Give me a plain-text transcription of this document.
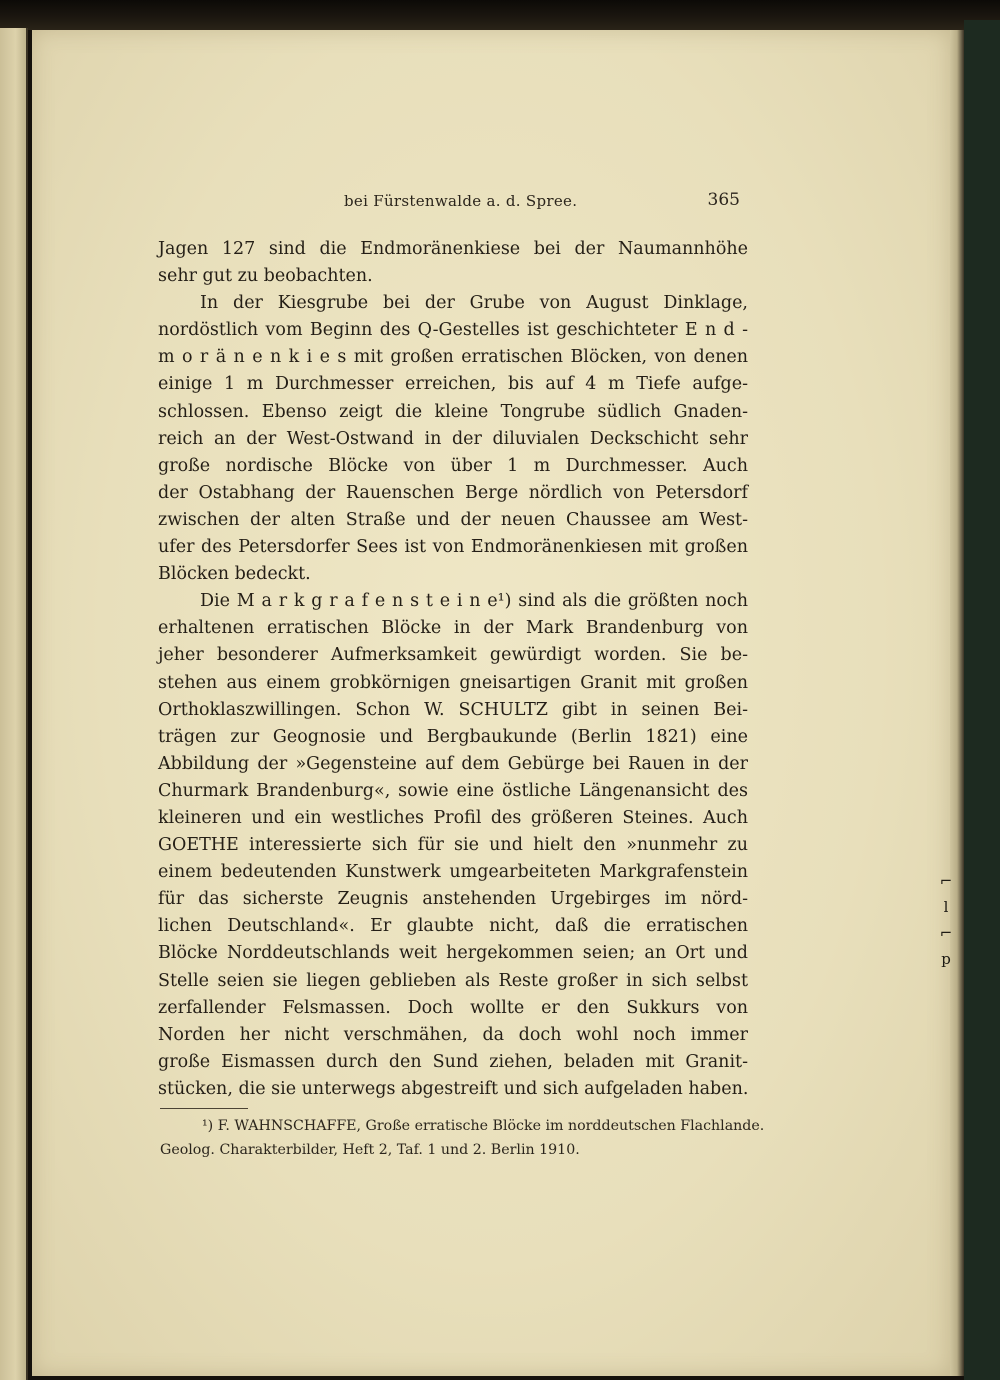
bei Fürstenwalde a. d. Spree.	365
Jagen 127 sind die Endmoränenkiese bei der Naumannhöhe
sehr gut zu beobachten.
In der Kiesgrube bei der Grube von August Dinklage,
nordöstlich vom Beginn des Q-Gestelles ist geschichteter E n d -
m o r ä n e n k i e s mit großen erratischen Blöcken, von denen
einige 1 m Durchmesser erreichen, bis auf 4 m Tiefe aufge-
schlossen. Ebenso zeigt die kleine Tongrube südlich Gnaden-
reich an der West-Ostwand in der diluvialen Deckschicht sehr
große nordische Blöcke von über 1 m Durchmesser. Auch
der Ostabhang der Rauenschen Berge nördlich von Petersdorf
zwischen der alten Straße und der neuen Chaussee am West-
ufer des Petersdorfer Sees ist von Endmoränenkiesen mit großen
Blöcken bedeckt.
Die M a r k g r a f e n s t e i n e¹) sind als die größten noch
erhaltenen erratischen Blöcke in der Mark Brandenburg von
jeher besonderer Aufmerksamkeit gewürdigt worden. Sie be-
stehen aus einem grobkörnigen gneisartigen Granit mit großen
Orthoklaszwillingen. Schon W. SCHULTZ gibt in seinen Bei-
trägen zur Geognosie und Bergbaukunde (Berlin 1821) eine
Abbildung der »Gegensteine auf dem Gebürge bei Rauen in der
Churmark Brandenburg«, sowie eine östliche Längenansicht des
kleineren und ein westliches Profil des größeren Steines. Auch
GOETHE interessierte sich für sie und hielt den »nunmehr zu
einem bedeutenden Kunstwerk umgearbeiteten Markgrafenstein
für das sicherste Zeugnis anstehenden Urgebirges im nörd-
lichen Deutschland«. Er glaubte nicht, daß die erratischen
Blöcke Norddeutschlands weit hergekommen seien; an Ort und
Stelle seien sie liegen geblieben als Reste großer in sich selbst
zerfallender Felsmassen. Doch wollte er den Sukkurs von
Norden her nicht verschmähen, da doch wohl noch immer
große Eismassen durch den Sund ziehen, beladen mit Granit-
stücken, die sie unterwegs abgestreift und sich aufgeladen haben.
¹) F. WAHNSCHAFFE, Große erratische Blöcke im norddeutschen Flachlande.
Geolog. Charakterbilder, Heft 2, Taf. 1 und 2. Berlin 1910.
⌐
l
⌐
p
